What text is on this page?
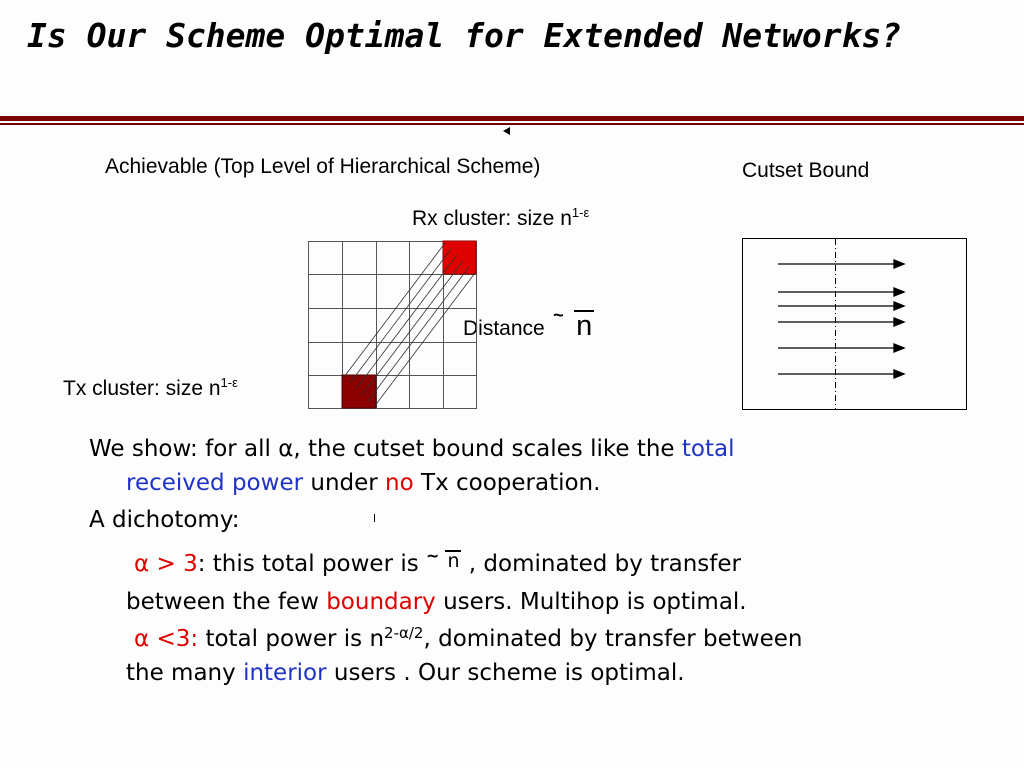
Is Our Scheme Optimal for Extended Networks?
Achievable (Top Level of Hierarchical Scheme)	Cutset Bound
Rx cluster: size $n^{1-\varepsilon}$
Tx cluster: size $n^{1-\varepsilon}$
Distance ~ n
We show: for all α, the cutset bound scales like the total
received power under no Tx cooperation.
A dichotomy:
α > 3: this total power is ~ n , dominated by transfer
between the few boundary users. Multihop is optimal.
α <3: total power is $n^{2-\alpha/2}$, dominated by transfer between
the many interior users . Our scheme is optimal.
